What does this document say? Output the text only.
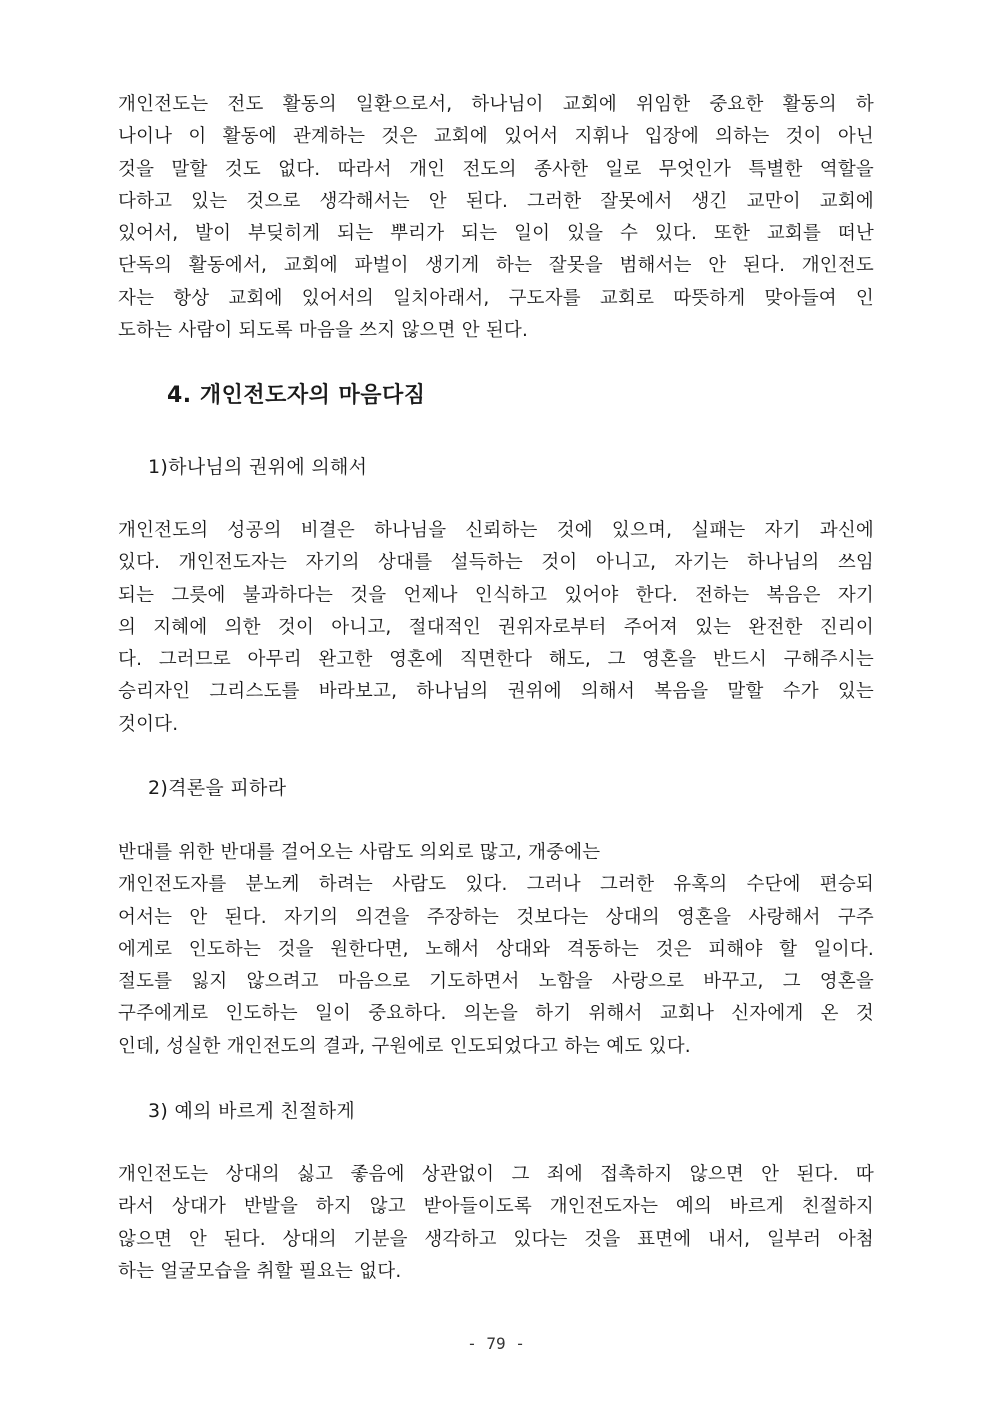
개인전도는 전도 활동의 일환으로서, 하나님이 교회에 위임한 중요한 활동의 하
나이나 이 활동에 관계하는 것은 교회에 있어서 지휘나 입장에 의하는 것이 아닌
것을 말할 것도 없다. 따라서 개인 전도의 종사한 일로 무엇인가 특별한 역할을
다하고 있는 것으로 생각해서는 안 된다. 그러한 잘못에서 생긴 교만이 교회에
있어서, 발이 부딪히게 되는 뿌리가 되는 일이 있을 수 있다. 또한 교회를 떠난
단독의 활동에서, 교회에 파벌이 생기게 하는 잘못을 범해서는 안 된다. 개인전도
자는 항상 교회에 있어서의 일치아래서, 구도자를 교회로 따뜻하게 맞아들여 인
도하는 사람이 되도록 마음을 쓰지 않으면 안 된다.
4. 개인전도자의 마음다짐
1)하나님의 권위에 의해서
개인전도의 성공의 비결은 하나님을 신뢰하는 것에 있으며, 실패는 자기 과신에
있다. 개인전도자는 자기의 상대를 설득하는 것이 아니고, 자기는 하나님의 쓰임
되는 그릇에 불과하다는 것을 언제나 인식하고 있어야 한다. 전하는 복음은 자기
의 지혜에 의한 것이 아니고, 절대적인 권위자로부터 주어져 있는 완전한 진리이
다. 그러므로 아무리 완고한 영혼에 직면한다 해도, 그 영혼을 반드시 구해주시는
승리자인 그리스도를 바라보고, 하나님의 권위에 의해서 복음을 말할 수가 있는
것이다.
2)격론을 피하라
반대를 위한 반대를 걸어오는 사람도 의외로 많고, 개중에는
개인전도자를 분노케 하려는 사람도 있다. 그러나 그러한 유혹의 수단에 편승되
어서는 안 된다. 자기의 의견을 주장하는 것보다는 상대의 영혼을 사랑해서 구주
에게로 인도하는 것을 원한다면, 노해서 상대와 격동하는 것은 피해야 할 일이다.
절도를 잃지 않으려고 마음으로 기도하면서 노함을 사랑으로 바꾸고, 그 영혼을
구주에게로 인도하는 일이 중요하다. 의논을 하기 위해서 교회나 신자에게 온 것
인데, 성실한 개인전도의 결과, 구원에로 인도되었다고 하는 예도 있다.
3) 예의 바르게 친절하게
개인전도는 상대의 싫고 좋음에 상관없이 그 죄에 접촉하지 않으면 안 된다. 따
라서 상대가 반발을 하지 않고 받아들이도록 개인전도자는 예의 바르게 친절하지
않으면 안 된다. 상대의 기분을 생각하고 있다는 것을 표면에 내서, 일부러 아첨
하는 얼굴모습을 취할 필요는 없다.
- 79 -
